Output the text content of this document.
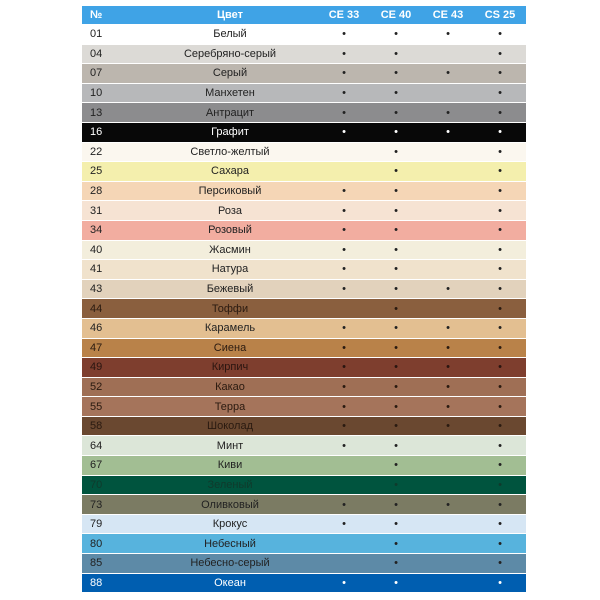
№	Цвет	CE 33	CE 40	CE 43	CS 25
01	Белый	•	•	•	•
04	Серебряно-серый	•	•		•
07	Серый	•	•	•	•
10	Манхетен	•	•		•
13	Антрацит	•	•	•	•
16	Графит	•	•	•	•
22	Светло-желтый		•		•
25	Сахара		•		•
28	Персиковый	•	•		•
31	Роза	•	•		•
34	Розовый	•	•		•
40	Жасмин	•	•		•
41	Натура	•	•		•
43	Бежевый	•	•	•	•
44	Тоффи		•		•
46	Карамель	•	•	•	•
47	Сиена	•	•	•	•
49	Кирпич	•	•	•	•
52	Какао	•	•	•	•
55	Терра	•	•	•	•
58	Шоколад	•	•	•	•
64	Минт	•	•		•
67	Киви		•		•
70	Зеленый		•		•
73	Оливковый	•	•	•	•
79	Крокус	•	•		•
80	Небесный		•		•
85	Небесно-серый		•		•
88	Океан	•	•		•
